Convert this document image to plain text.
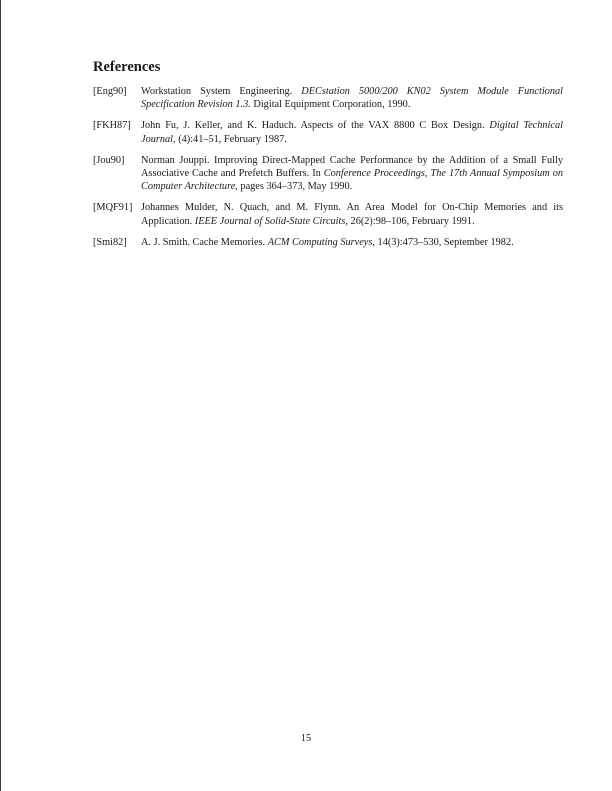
References
[Eng90]	Workstation System Engineering. DECstation 5000/200 KN02 System Module Functional Specification Revision 1.3. Digital Equipment Corporation, 1990.
[FKH87] John Fu, J. Keller, and K. Haduch. Aspects of the VAX 8800 C Box Design. Digital Technical Journal, (4):41–51, February 1987.
[Jou90]	Norman Jouppi. Improving Direct-Mapped Cache Performance by the Addition of a Small Fully Associative Cache and Prefetch Buffers. In Conference Proceedings, The 17th Annual Symposium on Computer Architecture, pages 364–373, May 1990.
[MQF91] Johannes Mulder, N. Quach, and M. Flynn. An Area Model for On-Chip Memories and its Application. IEEE Journal of Solid-State Circuits, 26(2):98–106, February 1991.
[Smi82]	A. J. Smith. Cache Memories. ACM Computing Surveys, 14(3):473–530, September 1982.
15
